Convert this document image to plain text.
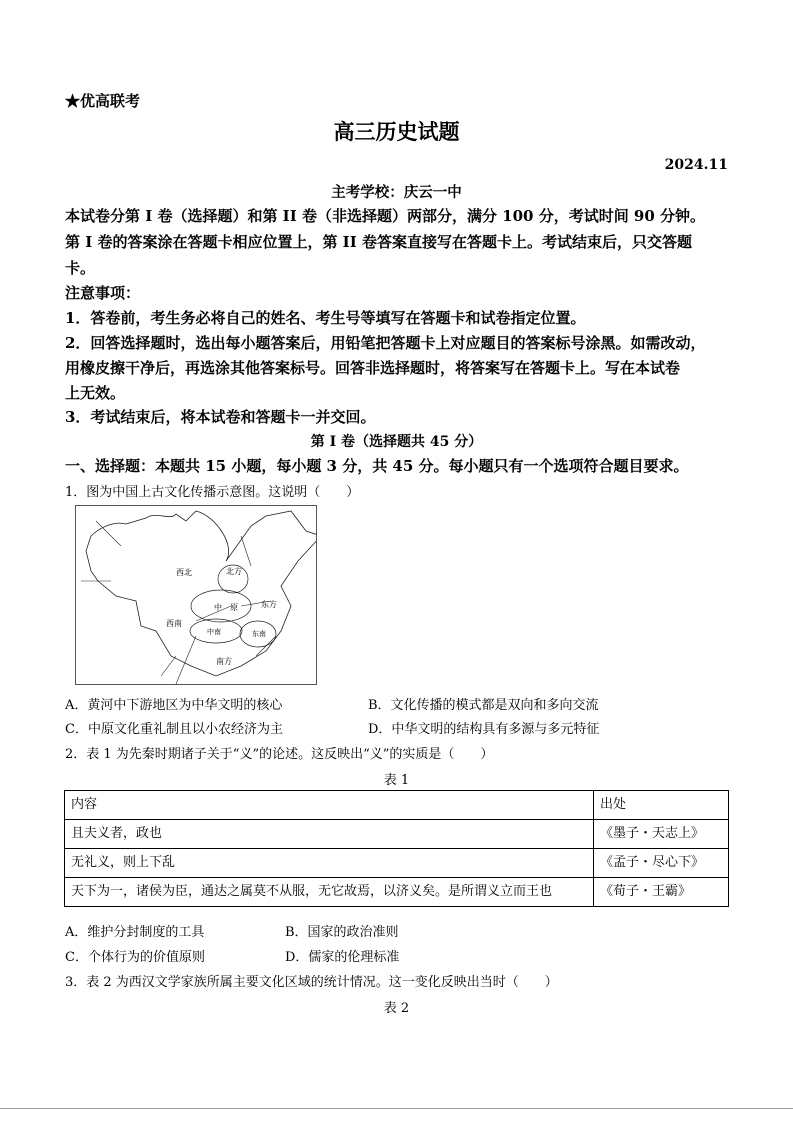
★优高联考
高三历史试题
2024.11
主考学校：庆云一中
本试卷分第 I 卷（选择题）和第 II 卷（非选择题）两部分，满分 100 分，考试时间 90 分钟。
第 I 卷的答案涂在答题卡相应位置上，第 II 卷答案直接写在答题卡上。考试结束后，只交答题
卡。
注意事项：
1．答卷前，考生务必将自己的姓名、考生号等填写在答题卡和试卷指定位置。
2．回答选择题时，选出每小题答案后，用铅笔把答题卡上对应题目的答案标号涂黑。如需改动，
用橡皮擦干净后，再选涂其他答案标号。回答非选择题时，将答案写在答题卡上。写在本试卷
上无效。
3．考试结束后，将本试卷和答题卡一并交回。
第 I 卷（选择题共 45 分）
一、选择题：本题共 15 小题，每小题 3 分，共 45 分。每小题只有一个选项符合题目要求。
1．图为中国上古文化传播示意图。这说明（　　）
西北	北方
中　原	东方
西南
中南	东南
南方
A．黄河中下游地区为中华文明的核心	B．文化传播的模式都是双向和多向交流
C．中原文化重礼制且以小农经济为主	D．中华文明的结构具有多源与多元特征
2．表 1 为先秦时期诸子关于“义”的论述。这反映出“义”的实质是（　　）
表 1
内容	出处
且夫义者，政也	《墨子・天志上》
无礼义，则上下乱	《孟子・尽心下》
天下为一，诸侯为臣，通达之属莫不从服，无它故焉，以济义矣。是所谓义立而王也	《荀子・王霸》
A．维护分封制度的工具	B．国家的政治准则
C．个体行为的价值原则	D．儒家的伦理标准
3．表 2 为西汉文学家族所属主要文化区域的统计情况。这一变化反映出当时（　　）
表 2
